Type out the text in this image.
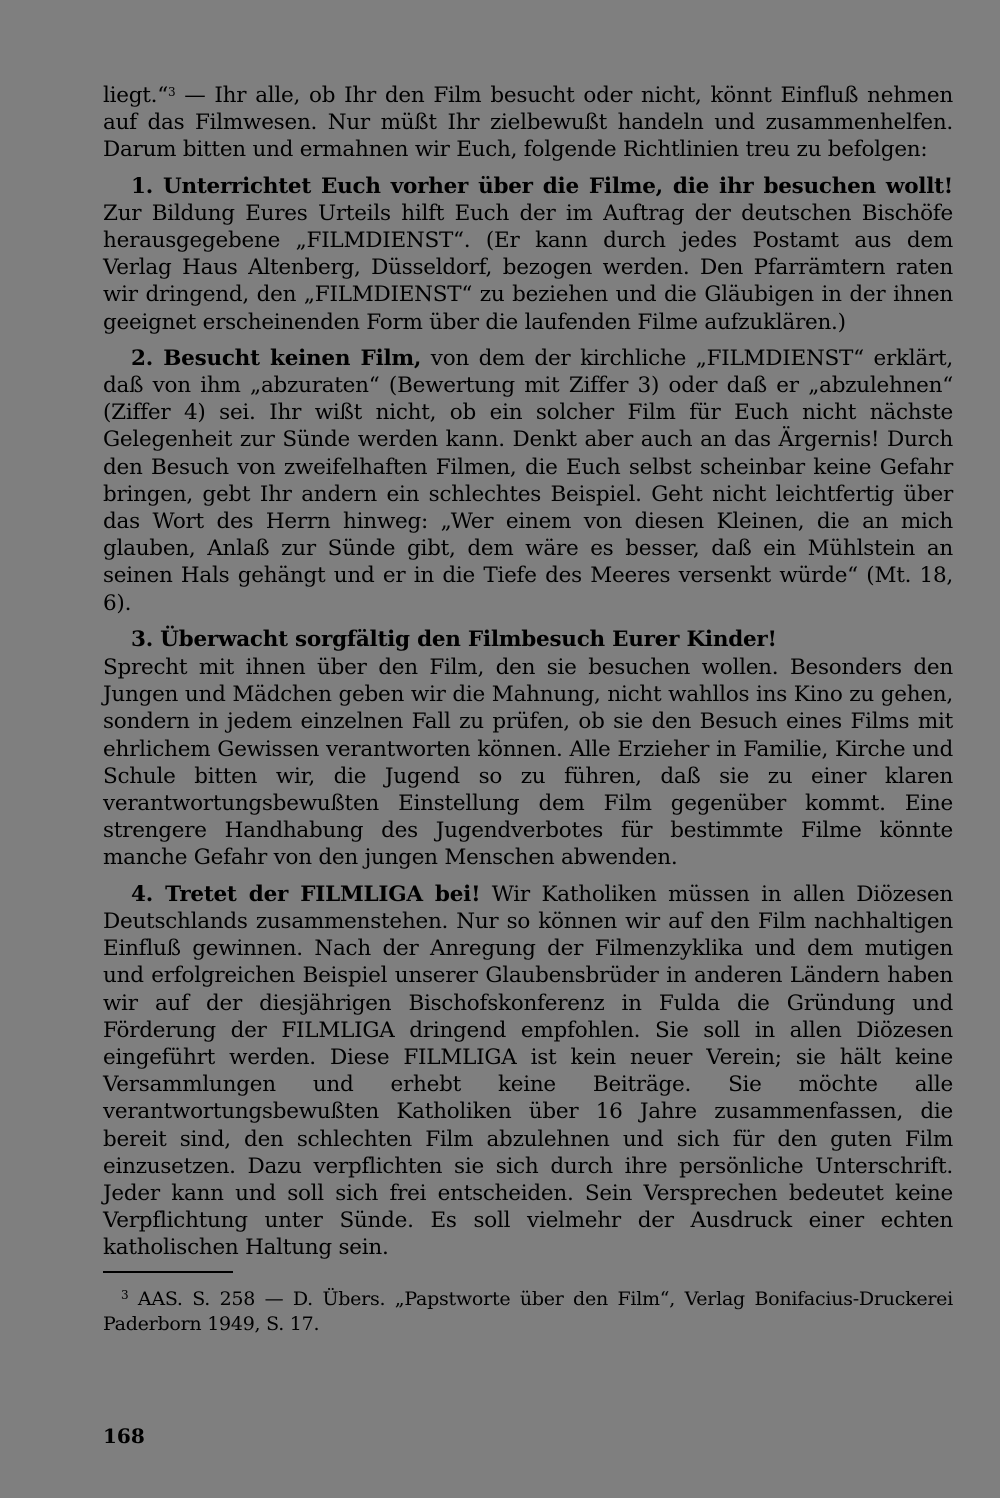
liegt.“$^3$ — Ihr alle, ob Ihr den Film besucht oder nicht, könnt Einfluß nehmen auf das Filmwesen. Nur müßt Ihr zielbewußt handeln und zusammenhelfen. Darum bitten und ermahnen wir Euch, folgende Richtlinien treu zu befolgen:

1. Unterrichtet Euch vorher über die Filme, die ihr besuchen wollt! Zur Bildung Eures Urteils hilft Euch der im Auftrag der deutschen Bischöfe herausgegebene „FILMDIENST“. (Er kann durch jedes Postamt aus dem Verlag Haus Altenberg, Düsseldorf, bezogen werden. Den Pfarrämtern raten wir dringend, den „FILMDIENST“ zu beziehen und die Gläubigen in der ihnen geeignet erscheinenden Form über die laufenden Filme aufzuklären.)

2. Besucht keinen Film, von dem der kirchliche „FILMDIENST“ erklärt, daß von ihm „abzuraten“ (Bewertung mit Ziffer 3) oder daß er „abzulehnen“ (Ziffer 4) sei. Ihr wißt nicht, ob ein solcher Film für Euch nicht nächste Gelegenheit zur Sünde werden kann. Denkt aber auch an das Ärgernis! Durch den Besuch von zweifelhaften Filmen, die Euch selbst scheinbar keine Gefahr bringen, gebt Ihr andern ein schlechtes Beispiel. Geht nicht leichtfertig über das Wort des Herrn hinweg: „Wer einem von diesen Kleinen, die an mich glauben, Anlaß zur Sünde gibt, dem wäre es besser, daß ein Mühlstein an seinen Hals gehängt und er in die Tiefe des Meeres versenkt würde“ (Mt. 18, 6).

3. Überwacht sorgfältig den Filmbesuch Eurer Kinder!

Sprecht mit ihnen über den Film, den sie besuchen wollen. Besonders den Jungen und Mädchen geben wir die Mahnung, nicht wahllos ins Kino zu gehen, sondern in jedem einzelnen Fall zu prüfen, ob sie den Besuch eines Films mit ehrlichem Gewissen verantworten können. Alle Erzieher in Familie, Kirche und Schule bitten wir, die Jugend so zu führen, daß sie zu einer klaren verantwortungsbewußten Einstellung dem Film gegenüber kommt. Eine strengere Handhabung des Jugendverbotes für bestimmte Filme könnte manche Gefahr von den jungen Menschen abwenden.

4. Tretet der FILMLIGA bei! Wir Katholiken müssen in allen Diözesen Deutschlands zusammenstehen. Nur so können wir auf den Film nachhaltigen Einfluß gewinnen. Nach der Anregung der Filmenzyklika und dem mutigen und erfolgreichen Beispiel unserer Glaubensbrüder in anderen Ländern haben wir auf der diesjährigen Bischofskonferenz in Fulda die Gründung und Förderung der FILMLIGA dringend empfohlen. Sie soll in allen Diözesen eingeführt werden. Diese FILMLIGA ist kein neuer Verein; sie hält keine Versammlungen und erhebt keine Beiträge. Sie möchte alle verantwortungsbewußten Katholiken über 16 Jahre zusammenfassen, die bereit sind, den schlechten Film abzulehnen und sich für den guten Film einzusetzen. Dazu verpflichten sie sich durch ihre persönliche Unterschrift. Jeder kann und soll sich frei entscheiden. Sein Versprechen bedeutet keine Verpflichtung unter Sünde. Es soll vielmehr der Ausdruck einer echten katholischen Haltung sein.

$^3$ AAS. S. 258 — D. Übers. „Papstworte über den Film“, Verlag Bonifacius-Druckerei Paderborn 1949, S. 17.

168
